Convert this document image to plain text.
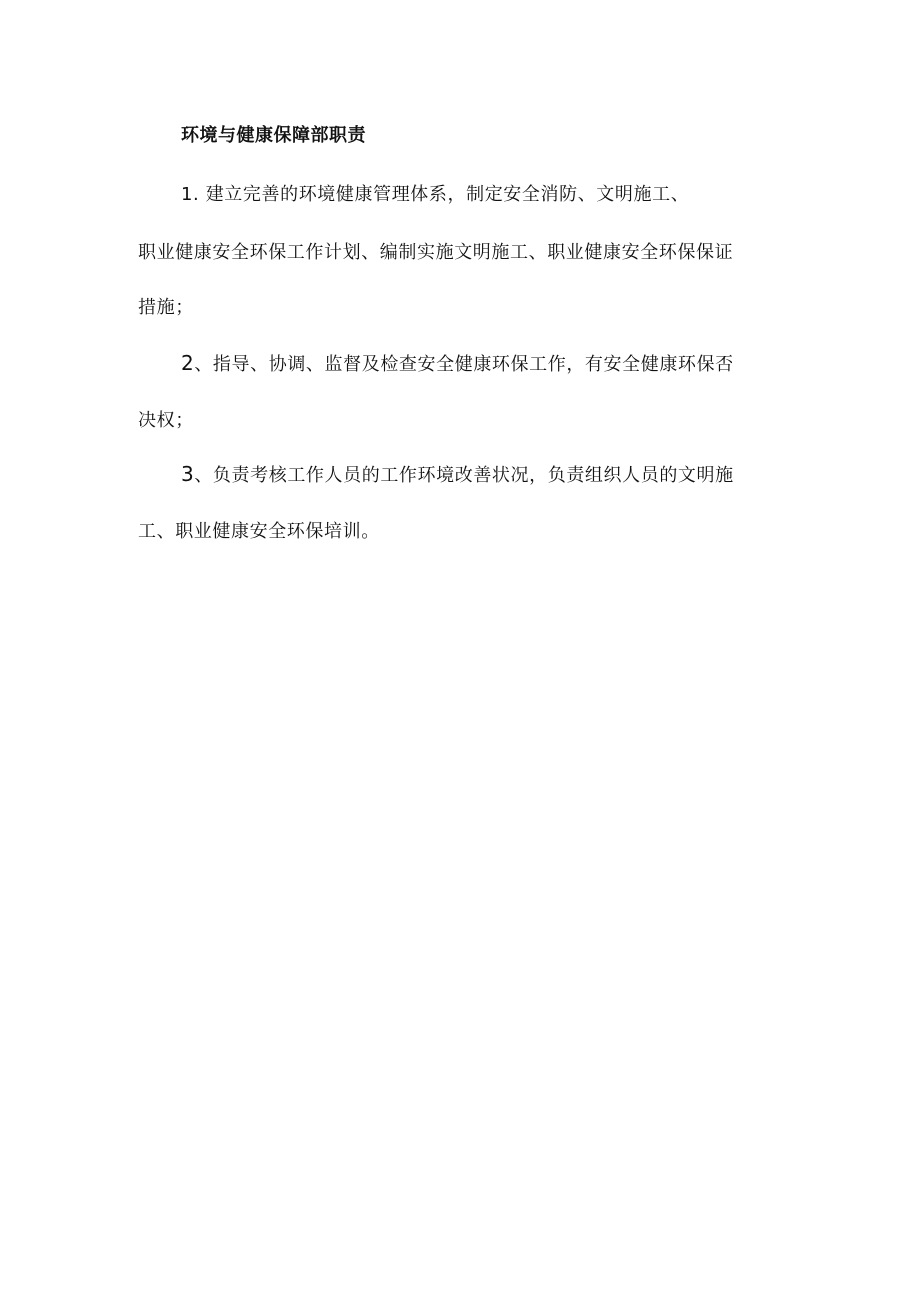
环境与健康保障部职责
1. 建立完善的环境健康管理体系，制定安全消防、文明施工、
职业健康安全环保工作计划、编制实施文明施工、职业健康安全环保保证
措施；
2、指导、协调、监督及检查安全健康环保工作，有安全健康环保否
决权；
3、负责考核工作人员的工作环境改善状况，负责组织人员的文明施
工、职业健康安全环保培训。
